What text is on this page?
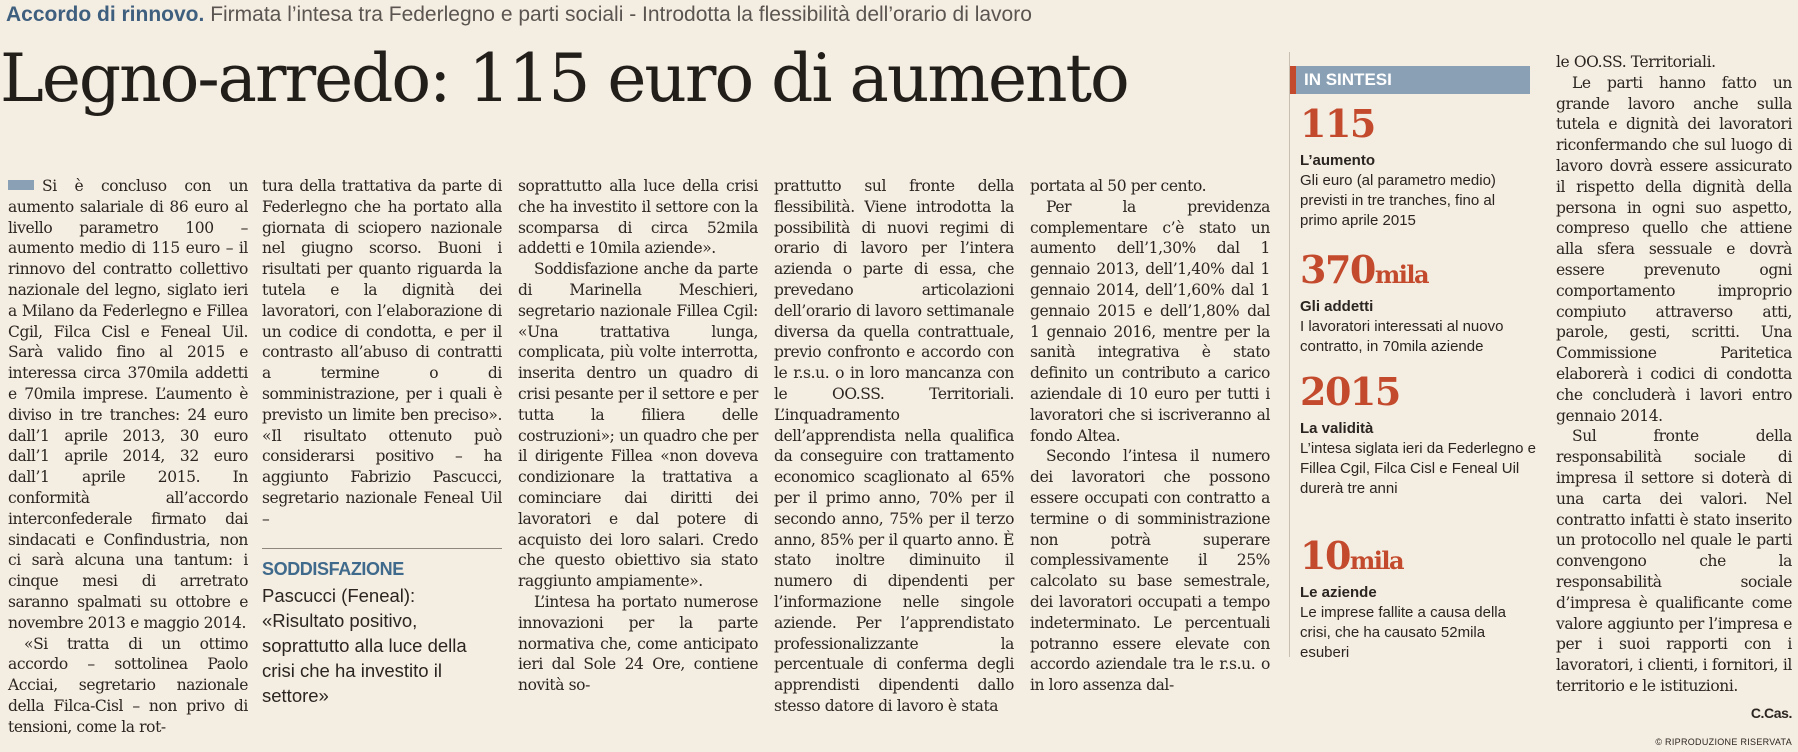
Accordo di rinnovo. Firmata l’intesa tra Federlegno e parti sociali - Introdotta la flessibilità dell’orario di lavoro
Legno-arredo: 115 euro di aumento

Si è concluso con un aumento salariale di 86 euro al livello parametro 100 – aumento medio di 115 euro – il rinnovo del contratto collettivo nazionale del legno, siglato ieri a Milano da Federlegno e Fillea Cgil, Filca Cisl e Feneal Uil. Sarà valido fino al 2015 e interessa circa 370mila addetti e 70mila imprese. L’aumento è diviso in tre tranches: 24 euro dall’1 aprile 2013, 30 euro dall’1 aprile 2014, 32 euro dall’1 aprile 2015. In conformità all’accordo interconfederale firmato dai sindacati e Confindustria, non ci sarà alcuna una tantum: i cinque mesi di arretrato saranno spalmati su ottobre e novembre 2013 e maggio 2014.

«Si tratta di un ottimo accordo – sottolinea Paolo Acciai, segretario nazionale della Filca-Cisl – non privo di tensioni, come la rot-

tura della trattativa da parte di Federlegno che ha portato alla giornata di sciopero nazionale nel giugno scorso. Buoni i risultati per quanto riguarda la tutela e la dignità dei lavoratori, con l’elaborazione di un codice di condotta, e per il contrasto all’abuso di contratti a termine o di somministrazione, per i quali è previsto un limite ben preciso». «Il risultato ottenuto può considerarsi positivo – ha aggiunto Fabrizio Pascucci, segretario nazionale Feneal Uil –

SODDISFAZIONE
Pascucci (Feneal): «Risultato positivo, soprattutto alla luce della crisi che ha investito il settore»

soprattutto alla luce della crisi che ha investito il settore con la scomparsa di circa 52mila addetti e 10mila aziende».

Soddisfazione anche da parte di Marinella Meschieri, segretario nazionale Fillea Cgil: «Una trattativa lunga, complicata, più volte interrotta, inserita dentro un quadro di crisi pesante per il settore e per tutta la filiera delle costruzioni»; un quadro che per il dirigente Fillea «non doveva condizionare la trattativa a cominciare dai diritti dei lavoratori e dal potere di acquisto dei loro salari. Credo che questo obiettivo sia stato raggiunto ampiamente».

L’intesa ha portato numerose innovazioni per la parte normativa che, come anticipato ieri dal Sole 24 Ore, contiene novità so-

prattutto sul fronte della flessibilità. Viene introdotta la possibilità di nuovi regimi di orario di lavoro per l’intera azienda o parte di essa, che prevedano articolazioni dell’orario di lavoro settimanale diversa da quella contrattuale, previo confronto e accordo con le r.s.u. o in loro mancanza con le OO.SS. Territoriali. L’inquadramento dell’apprendista nella qualifica da conseguire con trattamento economico scaglionato al 65% per il primo anno, 70% per il secondo anno, 75% per il terzo anno, 85% per il quarto anno. È stato inoltre diminuito il numero di dipendenti per l’informazione nelle singole aziende. Per l’apprendistato professionalizzante la percentuale di conferma degli apprendisti dipendenti dallo stesso datore di lavoro è stata

portata al 50 per cento.

Per la previdenza complementare c’è stato un aumento dell’1,30% dal 1 gennaio 2013, dell’1,40% dal 1 gennaio 2014, dell’1,60% dal 1 gennaio 2015 e dell’1,80% dal 1 gennaio 2016, mentre per la sanità integrativa è stato definito un contributo a carico aziendale di 10 euro per tutti i lavoratori che si iscriveranno al fondo Altea.

Secondo l’intesa il numero dei lavoratori che possono essere occupati con contratto a termine o di somministrazione non potrà superare complessivamente il 25% calcolato su base semestrale, dei lavoratori occupati a tempo indeterminato. Le percentuali potranno essere elevate con accordo aziendale tra le r.s.u. o in loro assenza dal-

IN SINTESI
115
L’aumento
Gli euro (al parametro medio) previsti in tre tranches, fino al primo aprile 2015
370mila
Gli addetti
I lavoratori interessati al nuovo contratto, in 70mila aziende
2015
La validità
L’intesa siglata ieri da Federlegno e Fillea Cgil, Filca Cisl e Feneal Uil durerà tre anni
10mila
Le aziende
Le imprese fallite a causa della crisi, che ha causato 52mila esuberi

le OO.SS. Territoriali.

Le parti hanno fatto un grande lavoro anche sulla tutela e dignità dei lavoratori riconfermando che sul luogo di lavoro dovrà essere assicurato il rispetto della dignità della persona in ogni suo aspetto, compreso quello che attiene alla sfera sessuale e dovrà essere prevenuto ogni comportamento improprio compiuto attraverso atti, parole, gesti, scritti. Una Commissione Paritetica elaborerà i codici di condotta che concluderà i lavori entro gennaio 2014.

Sul fronte della responsabilità sociale di impresa il settore si doterà di una carta dei valori. Nel contratto infatti è stato inserito un protocollo nel quale le parti convengono che la responsabilità sociale d’impresa è qualificante come valore aggiunto per l’impresa e per i suoi rapporti con i lavoratori, i clienti, i fornitori, il territorio e le istituzioni.

C.Cas.
© RIPRODUZIONE RISERVATA
